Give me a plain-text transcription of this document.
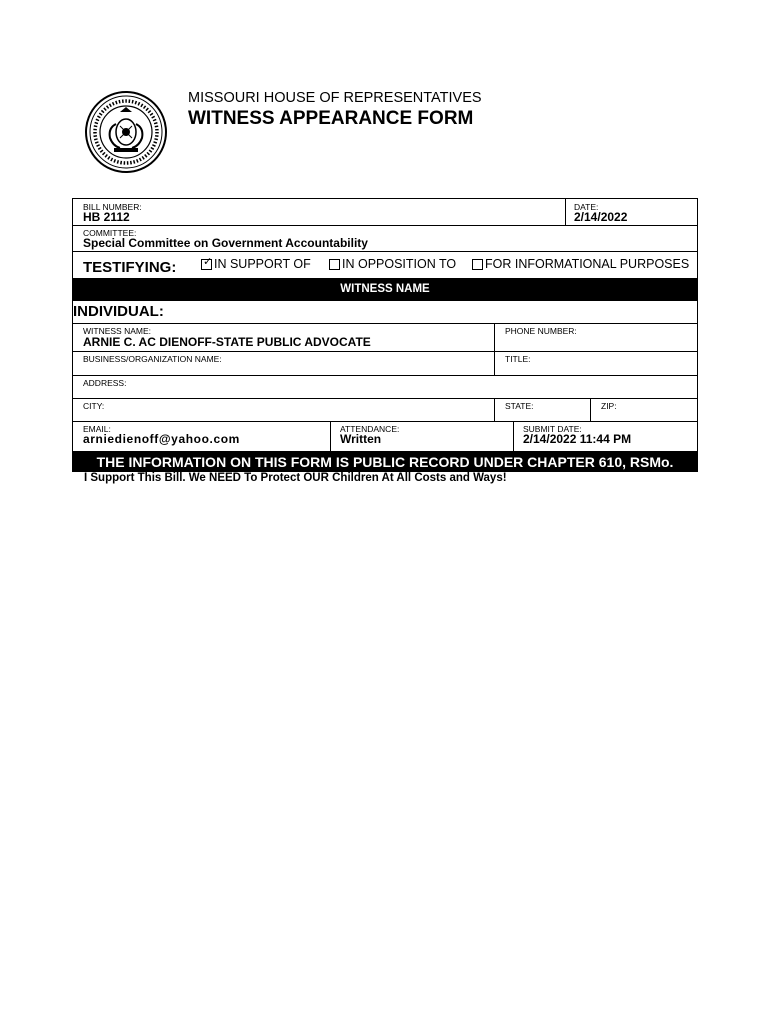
MISSOURI HOUSE OF REPRESENTATIVES
WITNESS APPEARANCE FORM
BILL NUMBER:
HB 2112
DATE:
2/14/2022
COMMITTEE:
Special Committee on Government Accountability
TESTIFYING: ✓ IN SUPPORT OF IN OPPOSITION TO FOR INFORMATIONAL PURPOSES
WITNESS NAME
INDIVIDUAL:
WITNESS NAME:
ARNIE C. AC DIENOFF-STATE PUBLIC ADVOCATE
PHONE NUMBER:
BUSINESS/ORGANIZATION NAME:	TITLE:
ADDRESS:
CITY:	STATE:	ZIP:
EMAIL:
arniedienoff@yahoo.com
ATTENDANCE:
Written
SUBMIT DATE:
2/14/2022 11:44 PM
THE INFORMATION ON THIS FORM IS PUBLIC RECORD UNDER CHAPTER 610, RSMo.
I Support This Bill. We NEED To Protect OUR Children At All Costs and Ways!
